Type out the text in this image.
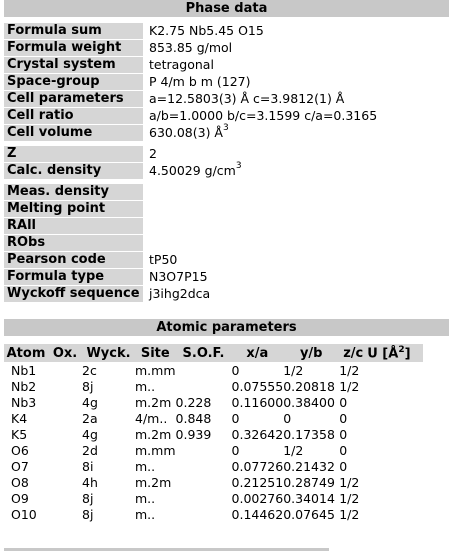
Phase data
Formula sum	K2.75 Nb5.45 O15
Formula weight	853.85 g/mol
Crystal system	tetragonal
Space-group	P 4/m b m (127)
Cell parameters	a=12.5803(3) Å c=3.9812(1) Å
Cell ratio	a/b=1.0000 b/c=3.1599 c/a=0.3165
Cell volume	630.08(3) $Å^3$
Z	2
Calc. density	4.50029 $g/cm^3$
Meas. density
Melting point
RAll
RObs
Pearson code	tP50
Formula type	N3O7P15
Wyckoff sequence j3ihg2dca
Atomic parameters
Atom	Ox.	Wyck.	Site	S.O.F.	x/a	y/b	z/c	U $[Å^2]$
Nb1		2c	m.mm		0	1/2	1/2	
Nb2		8j	m..		0.07555	0.20818	1/2	
Nb3		4g	m.2m	0.228	0.11600	0.38400	0	
K4		2a	4/m..	0.848	0	0	0	
K5		4g	m.2m	0.939	0.32642	0.17358	0	
O6		2d	m.mm		0	1/2	0	
O7		8i	m..		0.07726	0.21432	0	
O8		4h	m.2m		0.21251	0.28749	1/2	
O9		8j	m..		0.00276	0.34014	1/2	
O10		8j	m..		0.14462	0.07645	1/2	
